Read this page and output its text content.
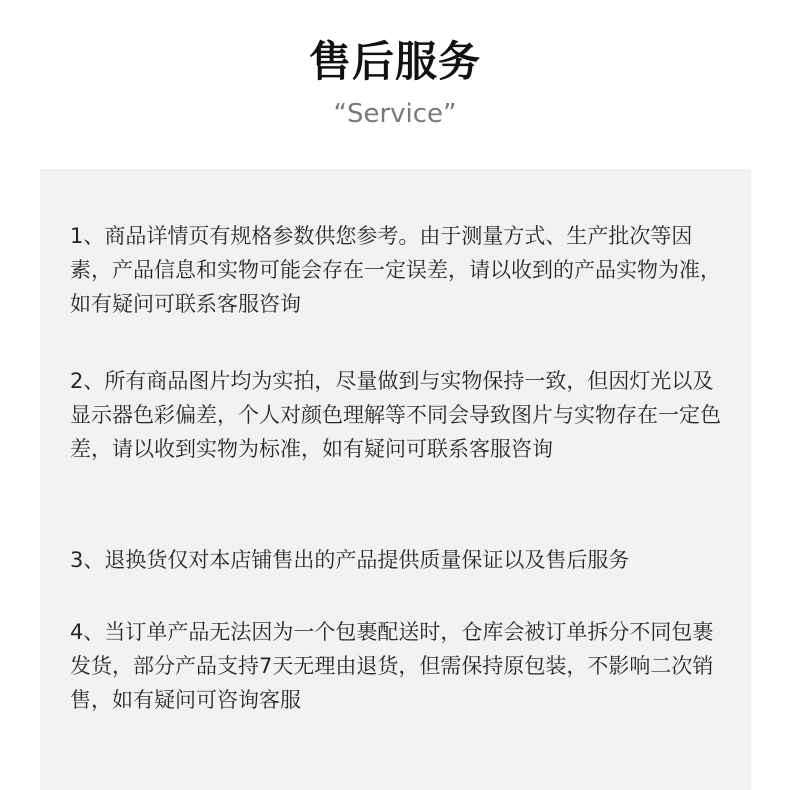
售后服务
“Service”
1、商品详情页有规格参数供您参考。由于测量方式、生产批次等因素，产品信息和实物可能会存在一定误差，请以收到的产品实物为准，如有疑问可联系客服咨询
2、所有商品图片均为实拍，尽量做到与实物保持一致，但因灯光以及显示器色彩偏差，个人对颜色理解等不同会导致图片与实物存在一定色差，请以收到实物为标准，如有疑问可联系客服咨询
3、退换货仅对本店铺售出的产品提供质量保证以及售后服务
4、当订单产品无法因为一个包裹配送时，仓库会被订单拆分不同包裹发货，部分产品支持7天无理由退货，但需保持原包装，不影响二次销售，如有疑问可咨询客服
